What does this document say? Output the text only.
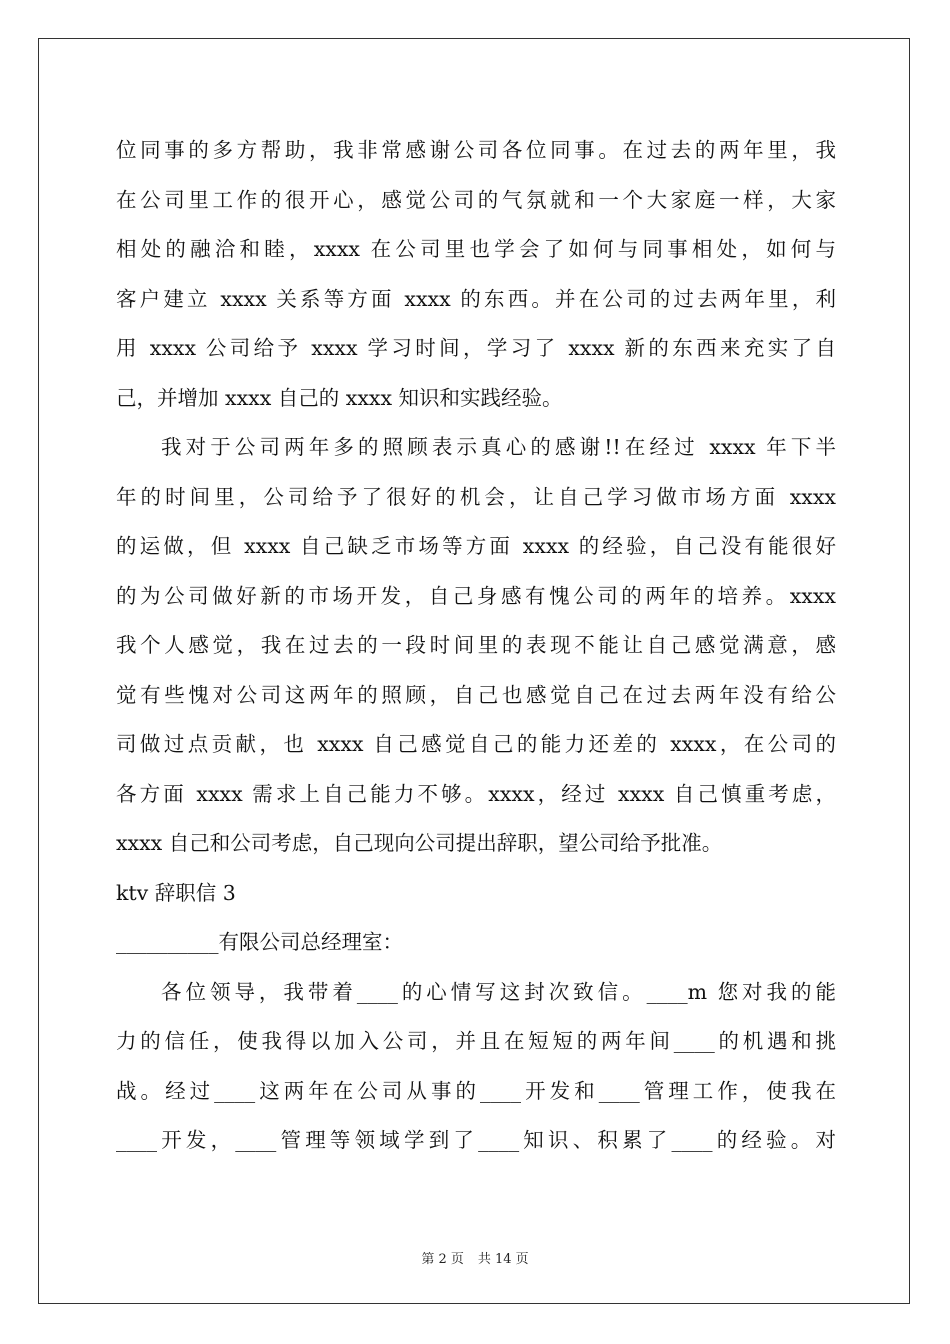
位同事的多方帮助，我非常感谢公司各位同事。在过去的两年里，我
在公司里工作的很开心，感觉公司的气氛就和一个大家庭一样，大家
相处的融洽和睦，xxxx 在公司里也学会了如何与同事相处，如何与
客户建立 xxxx 关系等方面 xxxx 的东西。并在公司的过去两年里，利
用 xxxx 公司给予 xxxx 学习时间，学习了 xxxx 新的东西来充实了自
己，并增加 xxxx 自己的 xxxx 知识和实践经验。
我对于公司两年多的照顾表示真心的感谢!!在经过 xxxx 年下半
年的时间里，公司给予了很好的机会，让自己学习做市场方面 xxxx
的运做，但 xxxx 自己缺乏市场等方面 xxxx 的经验，自己没有能很好
的为公司做好新的市场开发，自己身感有愧公司的两年的培养。xxxx
我个人感觉，我在过去的一段时间里的表现不能让自己感觉满意，感
觉有些愧对公司这两年的照顾，自己也感觉自己在过去两年没有给公
司做过点贡献，也 xxxx 自己感觉自己的能力还差的 xxxx，在公司的
各方面 xxxx 需求上自己能力不够。xxxx，经过 xxxx 自己慎重考虑，
xxxx 自己和公司考虑，自己现向公司提出辞职，望公司给予批准。
ktv 辞职信 3
__________有限公司总经理室：
各位领导，我带着____的心情写这封次致信。____m 您对我的能
力的信任，使我得以加入公司，并且在短短的两年间____的机遇和挑
战。经过____这两年在公司从事的____开发和____管理工作，使我在
____开发，____管理等领域学到了____知识、积累了____的经验。对
第 2 页 共 14 页
